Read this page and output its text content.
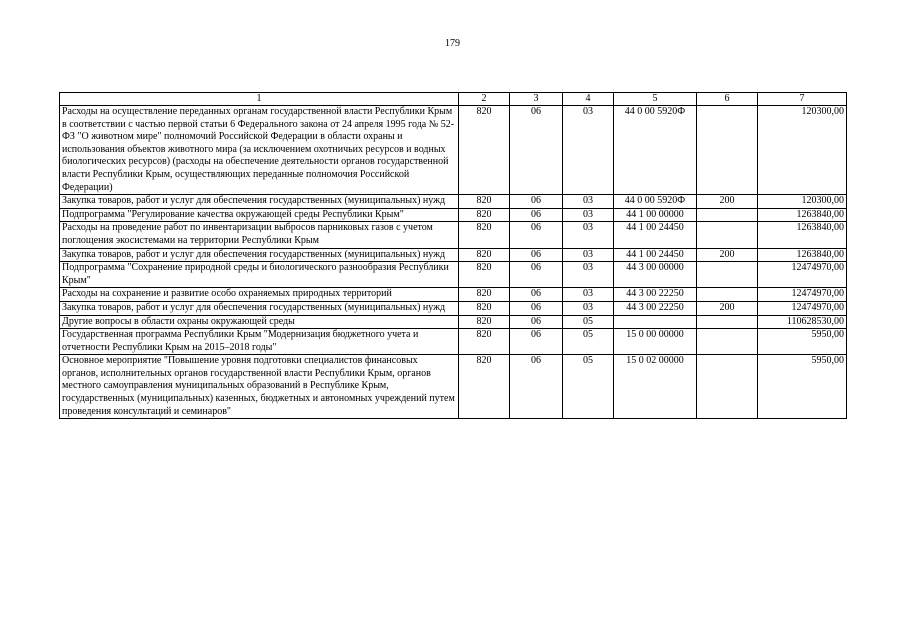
179
1	2	3	4	5	6	7
Расходы на осуществление переданных органам государственной власти Республики Крым в соответствии с частью первой статьи 6 Федерального закона от 24 апреля 1995 года № 52-ФЗ "О животном мире" полномочий Российской Федерации в области охраны и использования объектов животного мира (за исключением охотничьих ресурсов и водных биологических ресурсов) (расходы на обеспечение деятельности органов государственной власти Республики Крым, осуществляющих переданные полномочия Российской Федерации)	820	06	03	44 0 00 5920Ф		120300,00
Закупка товаров, работ и услуг для обеспечения государственных (муниципальных) нужд	820	06	03	44 0 00 5920Ф	200	120300,00
Подпрограмма "Регулирование качества окружающей среды Республики Крым"	820	06	03	44 1 00 00000		1263840,00
Расходы на проведение работ по инвентаризации выбросов парниковых газов с учетом поглощения экосистемами на территории Республики Крым	820	06	03	44 1 00 24450		1263840,00
Закупка товаров, работ и услуг для обеспечения государственных (муниципальных) нужд	820	06	03	44 1 00 24450	200	1263840,00
Подпрограмма "Сохранение природной среды и биологического разнообразия Республики Крым"	820	06	03	44 3 00 00000		12474970,00
Расходы на сохранение и развитие особо охраняемых природных территорий	820	06	03	44 3 00 22250		12474970,00
Закупка товаров, работ и услуг для обеспечения государственных (муниципальных) нужд	820	06	03	44 3 00 22250	200	12474970,00
Другие вопросы в области охраны окружающей среды	820	06	05			110628530,00
Государственная программа Республики Крым "Модернизация бюджетного учета и отчетности Республики Крым на 2015–2018 годы"	820	06	05	15 0 00 00000		5950,00
Основное мероприятие "Повышение уровня подготовки специалистов финансовых органов, исполнительных органов государственной власти Республики Крым, органов местного самоуправления муниципальных образований в Республике Крым, государственных (муниципальных) казенных, бюджетных и автономных учреждений путем проведения консультаций и семинаров"	820	06	05	15 0 02 00000		5950,00
